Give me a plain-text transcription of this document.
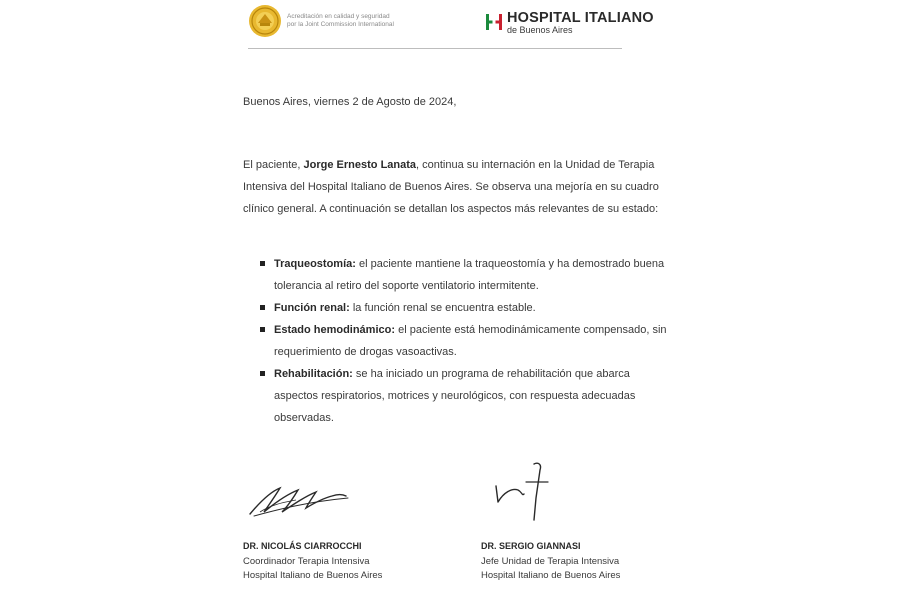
Acreditación en calidad y seguridad
por la Joint Commission International	HOSPITAL ITALIANO
de Buenos Aires
Buenos Aires, viernes 2 de Agosto de 2024,
El paciente, Jorge Ernesto Lanata, continua su internación en la Unidad de Terapia Intensiva del Hospital Italiano de Buenos Aires. Se observa una mejoría en su cuadro clínico general. A continuación se detallan los aspectos más relevantes de su estado:
Traqueostomía: el paciente mantiene la traqueostomía y ha demostrado buena tolerancia al retiro del soporte ventilatorio intermitente.
Función renal: la función renal se encuentra estable.
Estado hemodinámico: el paciente está hemodinámicamente compensado, sin requerimiento de drogas vasoactivas.
Rehabilitación: se ha iniciado un programa de rehabilitación que abarca aspectos respiratorios, motrices y neurológicos, con respuesta adecuadas observadas.
DR. NICOLÁS CIARROCCHI
Coordinador Terapia Intensiva
Hospital Italiano de Buenos Aires
DR. SERGIO GIANNASI
Jefe Unidad de Terapia Intensiva
Hospital Italiano de Buenos Aires
